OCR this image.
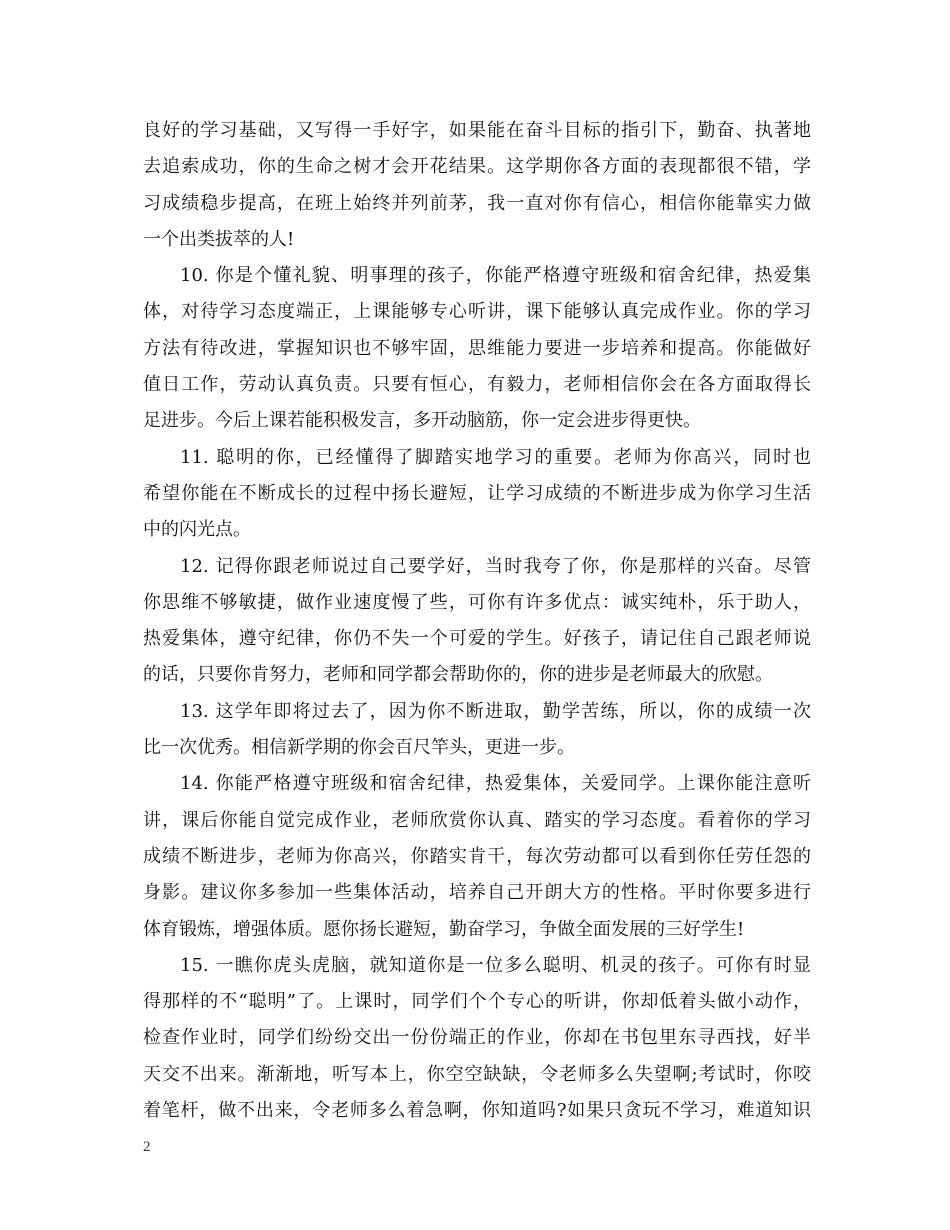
良好的学习基础，又写得一手好字，如果能在奋斗目标的指引下，勤奋、执著地
去追索成功，你的生命之树才会开花结果。这学期你各方面的表现都很不错，学
习成绩稳步提高，在班上始终并列前茅，我一直对你有信心，相信你能靠实力做
一个出类拔萃的人!
10. 你是个懂礼貌、明事理的孩子，你能严格遵守班级和宿舍纪律，热爱集
体，对待学习态度端正，上课能够专心听讲，课下能够认真完成作业。你的学习
方法有待改进，掌握知识也不够牢固，思维能力要进一步培养和提高。你能做好
值日工作，劳动认真负责。只要有恒心，有毅力，老师相信你会在各方面取得长
足进步。今后上课若能积极发言，多开动脑筋，你一定会进步得更快。
11. 聪明的你，已经懂得了脚踏实地学习的重要。老师为你高兴，同时也
希望你能在不断成长的过程中扬长避短，让学习成绩的不断进步成为你学习生活
中的闪光点。
12. 记得你跟老师说过自己要学好，当时我夸了你，你是那样的兴奋。尽管
你思维不够敏捷，做作业速度慢了些，可你有许多优点：诚实纯朴，乐于助人，
热爱集体，遵守纪律，你仍不失一个可爱的学生。好孩子，请记住自己跟老师说
的话，只要你肯努力，老师和同学都会帮助你的，你的进步是老师最大的欣慰。
13. 这学年即将过去了，因为你不断进取，勤学苦练，所以，你的成绩一次
比一次优秀。相信新学期的你会百尺竿头，更进一步。
14. 你能严格遵守班级和宿舍纪律，热爱集体，关爱同学。上课你能注意听
讲，课后你能自觉完成作业，老师欣赏你认真、踏实的学习态度。看着你的学习
成绩不断进步，老师为你高兴，你踏实肯干，每次劳动都可以看到你任劳任怨的
身影。建议你多参加一些集体活动，培养自己开朗大方的性格。平时你要多进行
体育锻炼，增强体质。愿你扬长避短，勤奋学习，争做全面发展的三好学生!
15. 一瞧你虎头虎脑，就知道你是一位多么聪明、机灵的孩子。可你有时显
得那样的不“聪明”了。上课时，同学们个个专心的听讲，你却低着头做小动作，
检查作业时，同学们纷纷交出一份份端正的作业，你却在书包里东寻西找，好半
天交不出来。渐渐地，听写本上，你空空缺缺，令老师多么失望啊;考试时，你咬
着笔杆，做不出来，令老师多么着急啊，你知道吗?如果只贪玩不学习，难道知识
2
